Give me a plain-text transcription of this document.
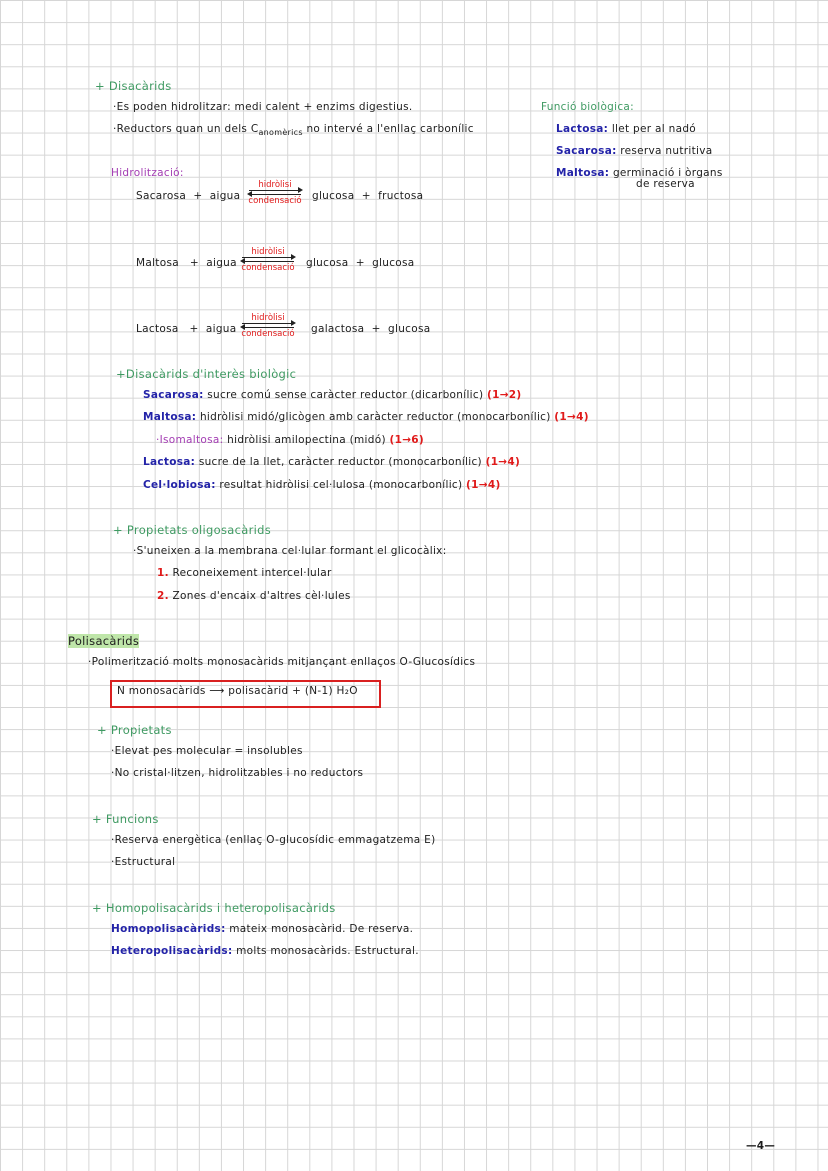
+ Disacàrids
·Es poden hidrolitzar: medi calent + enzims digestius.
·Reductors quan un dels $C_{anomèrics}$ no intervé a l'enllaç carbonílic
Hidrolització:
Sacarosa  +  aigua
hidròlisi
condensació glucosa  +  fructosa
Maltosa   +  aigua
hidròlisi
condensació	glucosa  +  glucosa
Lactosa   +  aigua
hidròlisi
condensació	galactosa  +  glucosa
Funció biològica:
Lactosa: llet per al nadó
Sacarosa: reserva nutritiva
Maltosa: germinació i òrgans
de reserva
+Disacàrids d'interès biològic
Sacarosa: sucre comú sense caràcter reductor (dicarbonílic) (1→2)
Maltosa: hidròlisi midó/glicògen amb caràcter reductor (monocarbonílic) (1→4)
·Isomaltosa: hidròlisi amilopectina (midó) (1→6)
Lactosa: sucre de la llet, caràcter reductor (monocarbonílic) (1→4)
Cel·lobiosa: resultat hidròlisi cel·lulosa (monocarbonílic) (1→4)
+ Propietats oligosacàrids
·S'uneixen a la membrana cel·lular formant el glicocàlix:
1. Reconeixement intercel·lular
2. Zones d'encaix d'altres cèl·lules
Polisacàrids
·Polimerització molts monosacàrids mitjançant enllaços O-Glucosídics
N monosacàrids ⟶ polisacàrid + (N-1) H₂O
+ Propietats
·Elevat pes molecular = insolubles
·No cristal·litzen, hidrolitzables i no reductors
+ Funcions
·Reserva energètica (enllaç O-glucosídic emmagatzema E)
·Estructural
+ Homopolisacàrids i heteropolisacàrids
Homopolisacàrids: mateix monosacàrid. De reserva.
Heteropolisacàrids: molts monosacàrids. Estructural.
—4—
